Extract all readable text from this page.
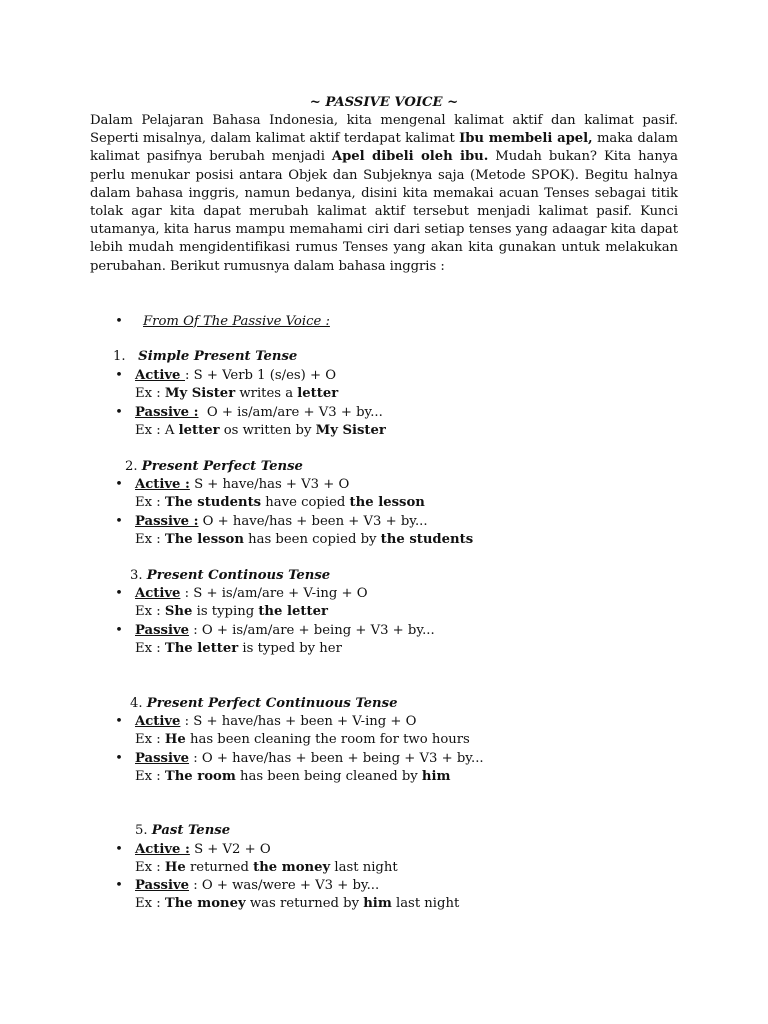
~ PASSIVE VOICE ~
Dalam Pelajaran Bahasa Indonesia, kita mengenal kalimat aktif dan kalimat pasif. Seperti misalnya, dalam kalimat aktif terdapat kalimat Ibu membeli apel, maka dalam kalimat pasifnya berubah menjadi Apel dibeli oleh ibu. Mudah bukan? Kita hanya perlu menukar posisi antara Objek dan Subjeknya saja (Metode SPOK). Begitu halnya dalam bahasa inggris, namun bedanya, disini kita memakai acuan Tenses sebagai titik tolak agar kita dapat merubah kalimat aktif tersebut menjadi kalimat pasif. Kunci utamanya, kita harus mampu memahami ciri dari setiap tenses yang adaagar kita dapat lebih mudah mengidentifikasi rumus Tenses yang akan kita gunakan untuk melakukan perubahan. Berikut rumusnya dalam bahasa inggris :
•	From Of The Passive Voice :
1. Simple Present Tense
• Active : S + Verb 1 (s/es) + O
Ex : My Sister writes a letter
• Passive :  O + is/am/are + V3 + by...
Ex : A letter os written by My Sister
2. Present Perfect Tense
• Active : S + have/has + V3 + O
Ex : The students have copied the lesson
• Passive : O + have/has + been + V3 + by...
Ex : The lesson has been copied by the students
3. Present Continous Tense
• Active : S + is/am/are + V-ing + O
Ex : She is typing the letter
• Passive : O + is/am/are + being + V3 + by...
Ex : The letter is typed by her
4. Present Perfect Continuous Tense
• Active : S + have/has + been + V-ing + O
Ex : He has been cleaning the room for two hours
• Passive : O + have/has + been + being + V3 + by...
Ex : The room has been being cleaned by him
5. Past Tense
• Active : S + V2 + O
Ex : He returned the money last night
• Passive : O + was/were + V3 + by...
Ex : The money was returned by him last night
